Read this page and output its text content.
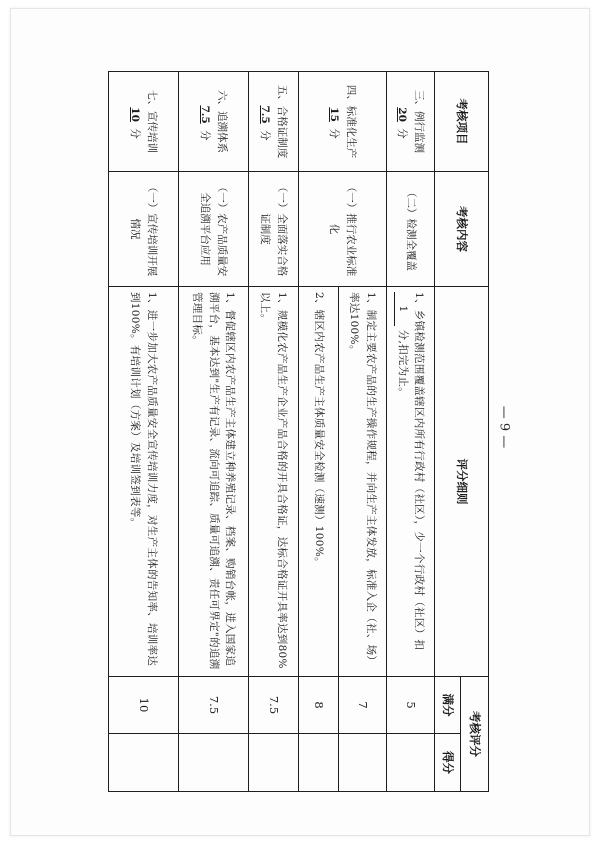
考核项目	考核内容	评分细则	考核评分	
			满分	得分
三、例行监测
20 分	（二）检测全覆盖	1、乡镇检测范围覆盖辖区内所有行政村（社区），少一个行政村（社区）扣 1 分,扣完为止。	5	
四、标准化生产
15 分	（一）推行农业标准化	1、制定主要农产品的生产操作规程，并向生产主体发放，标准入企（社、场）率达100%。	7	
		2、辖区内农产品生产主体质量安全检测（速测）100%。	8	
五、合格证制度
7.5 分	（一）全面落实合格证制度	1、规模化农产品生产企业产品合格的开具合格证，达标合格证开具率达到80%以上。	7.5	
六、追溯体系
7.5 分	（一）农产品质量安全追溯平台应用	1、督促辖区内农产品生产主体建立种养殖记录、档案、购销台帐，进入国家追溯平台，基本达到"生产有记录、流向可追踪、质量可追溯、责任可界定"的追溯管理目标。	7.5	
七、宣传培训
10 分	（一）宣传培训开展情况	1、进一步加大农产品质量安全宣传培训力度，对生产主体的告知率、培训率达到100%。有培训计划（方案）及培训签到表等。	10	
— 9 —
